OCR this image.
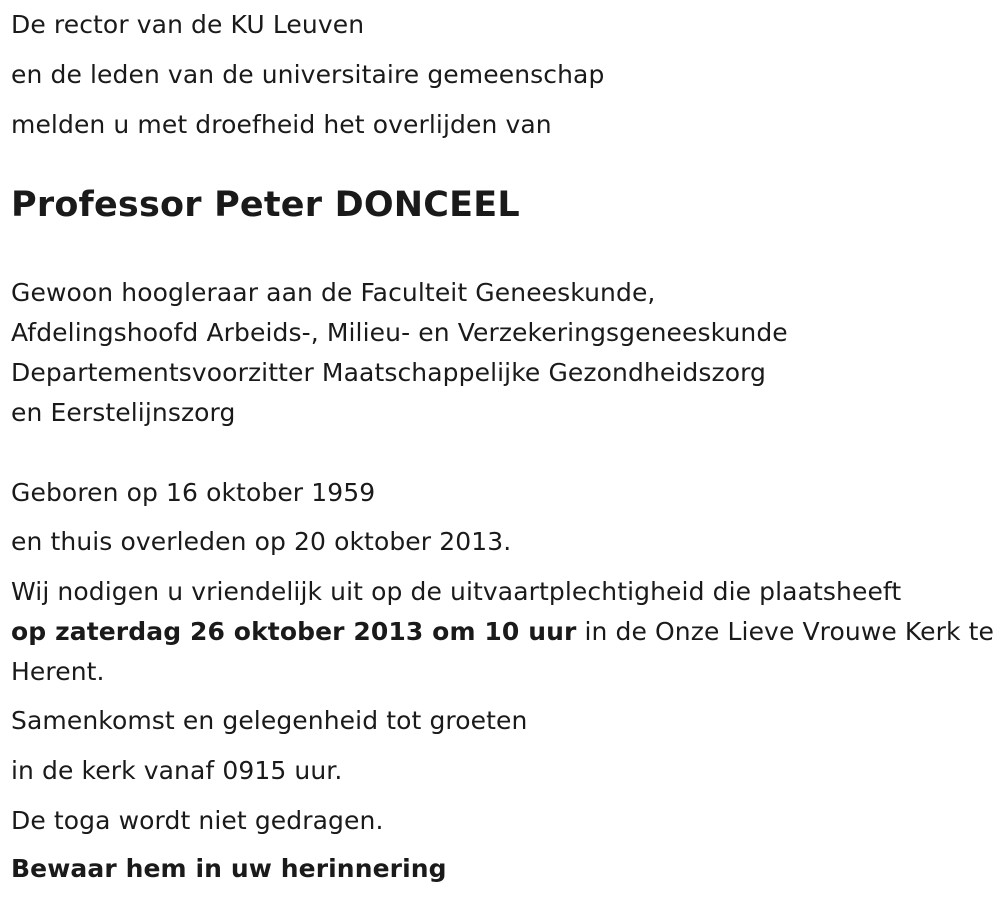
De rector van de KU Leuven
en de leden van de universitaire gemeenschap
melden u met droefheid het overlijden van
Professor Peter DONCEEL
Gewoon hoogleraar aan de Faculteit Geneeskunde,
Afdelingshoofd Arbeids-, Milieu- en Verzekeringsgeneeskunde
Departementsvoorzitter Maatschappelijke Gezondheidszorg
en Eerstelijnszorg
Geboren op 16 oktober 1959
en thuis overleden op 20 oktober 2013.
Wij nodigen u vriendelijk uit op de uitvaartplechtigheid die plaatsheeft
op zaterdag 26 oktober 2013 om 10 uur in de Onze Lieve Vrouwe Kerk te
Herent.
Samenkomst en gelegenheid tot groeten
in de kerk vanaf 0915 uur.
De toga wordt niet gedragen.
Bewaar hem in uw herinnering
